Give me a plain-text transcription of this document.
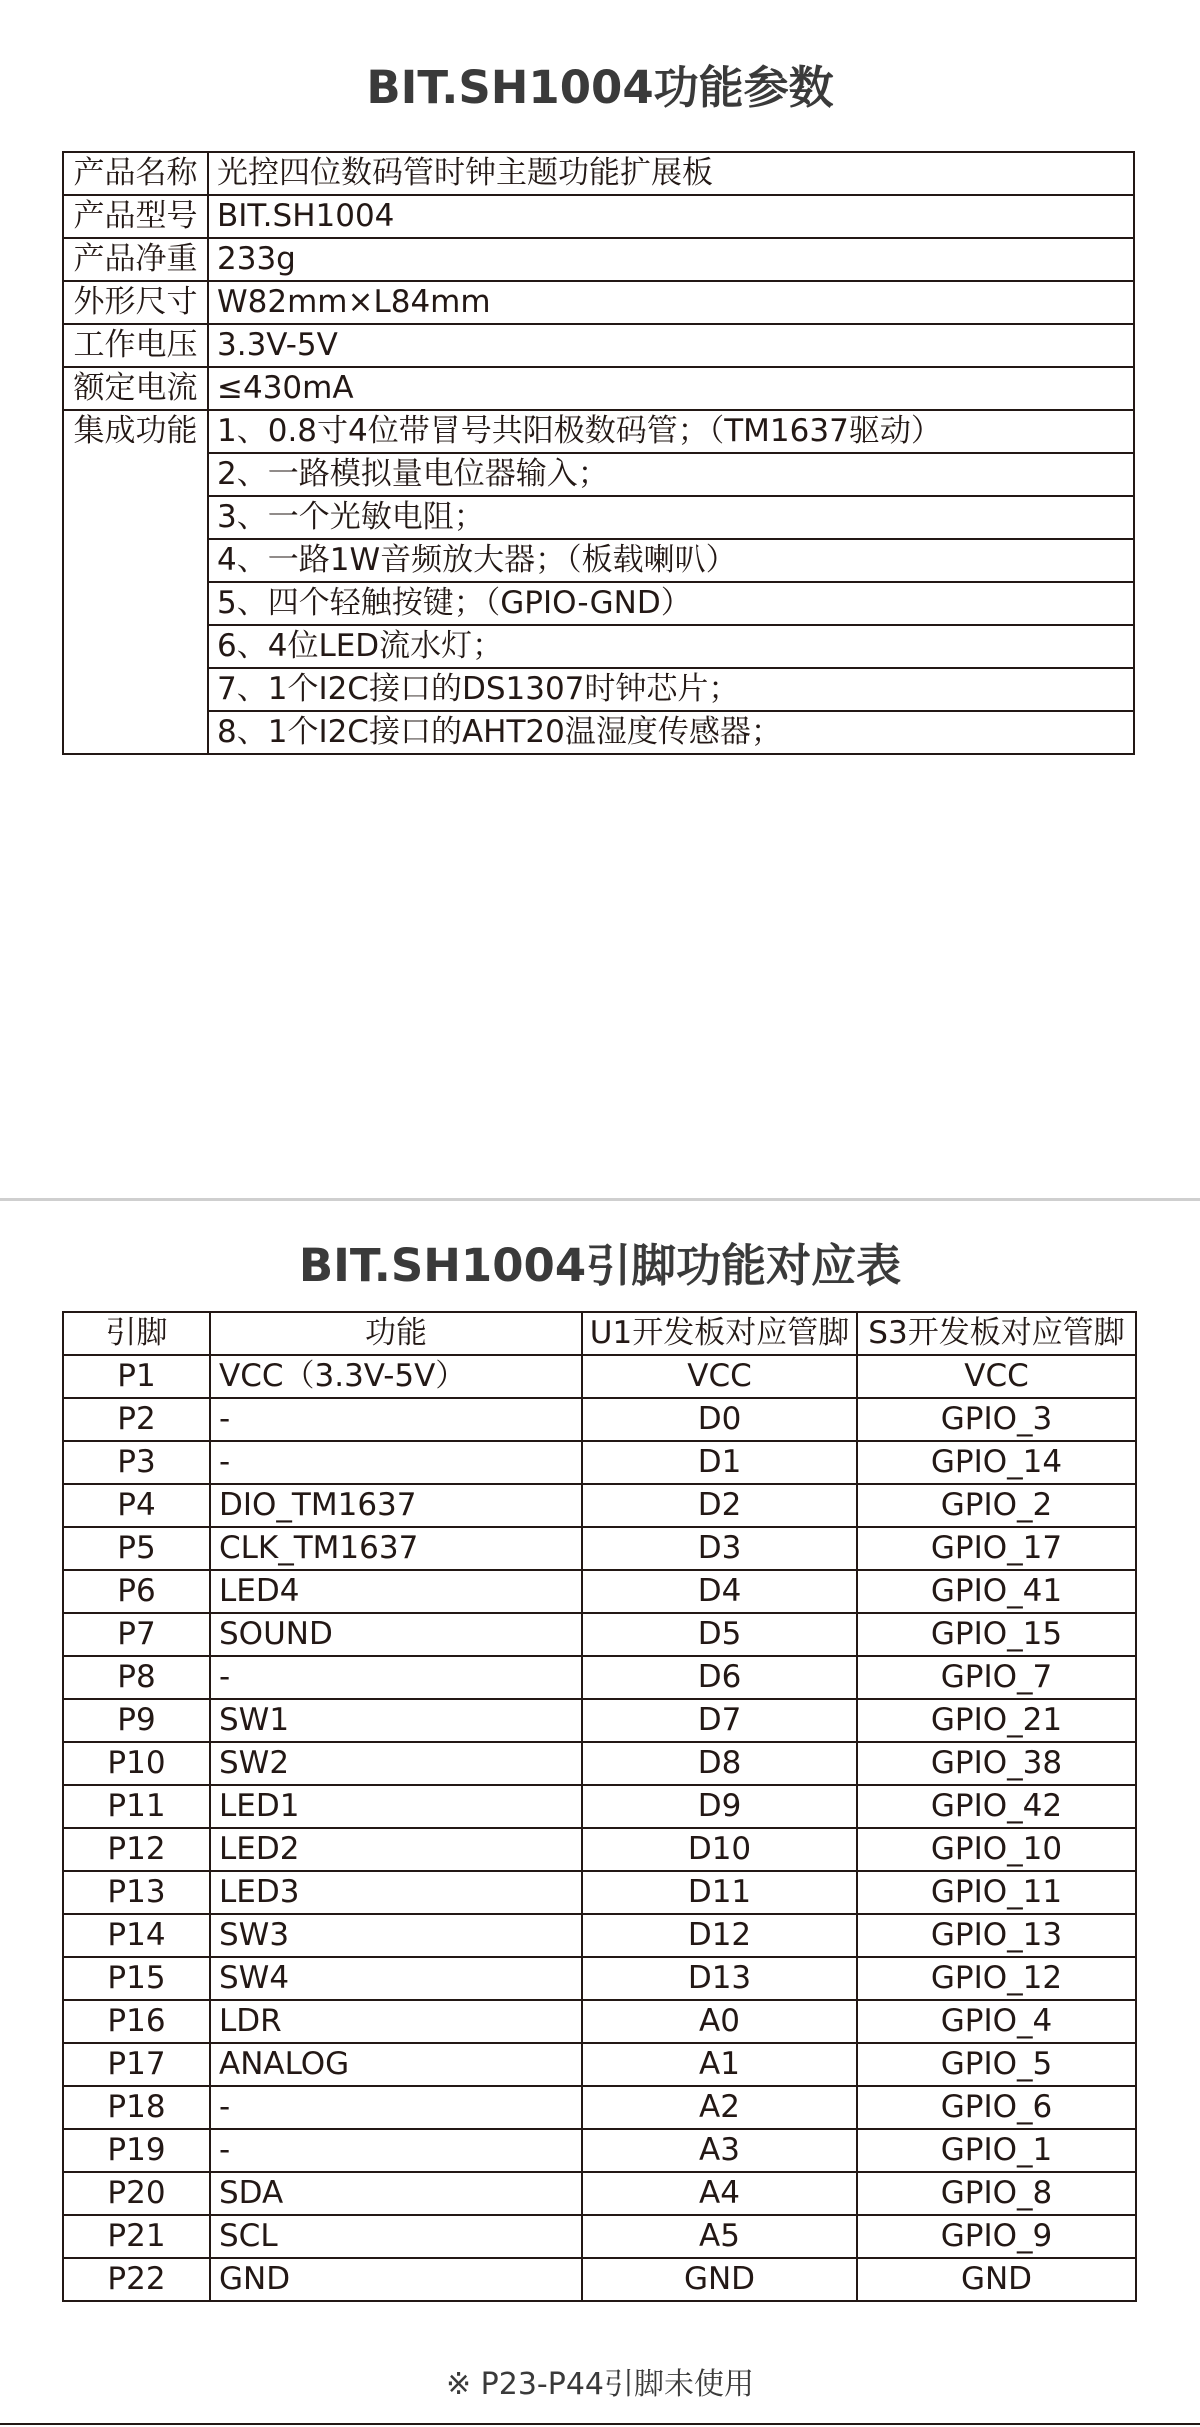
BIT.SH1004功能参数
产品名称	光控四位数码管时钟主题功能扩展板
产品型号	BIT.SH1004
产品净重	233g
外形尺寸	W82mm×L84mm
工作电压	3.3V-5V
额定电流	≤430mA
集成功能	1、0.8寸4位带冒号共阳极数码管；（TM1637驱动）
	2、一路模拟量电位器输入；
	3、一个光敏电阻；
	4、一路1W音频放大器；（板载喇叭）
	5、四个轻触按键；（GPIO-GND）
	6、4位LED流水灯；
	7、1个I2C接口的DS1307时钟芯片；
	8、1个I2C接口的AHT20温湿度传感器；
BIT.SH1004引脚功能对应表
引脚	功能	U1开发板对应管脚	S3开发板对应管脚
P1	VCC（3.3V-5V）	VCC	VCC
P2	-	D0	GPIO_3
P3	-	D1	GPIO_14
P4	DIO_TM1637	D2	GPIO_2
P5	CLK_TM1637	D3	GPIO_17
P6	LED4	D4	GPIO_41
P7	SOUND	D5	GPIO_15
P8	-	D6	GPIO_7
P9	SW1	D7	GPIO_21
P10	SW2	D8	GPIO_38
P11	LED1	D9	GPIO_42
P12	LED2	D10	GPIO_10
P13	LED3	D11	GPIO_11
P14	SW3	D12	GPIO_13
P15	SW4	D13	GPIO_12
P16	LDR	A0	GPIO_4
P17	ANALOG	A1	GPIO_5
P18	-	A2	GPIO_6
P19	-	A3	GPIO_1
P20	SDA	A4	GPIO_8
P21	SCL	A5	GPIO_9
P22	GND	GND	GND

※ P23-P44引脚未使用
